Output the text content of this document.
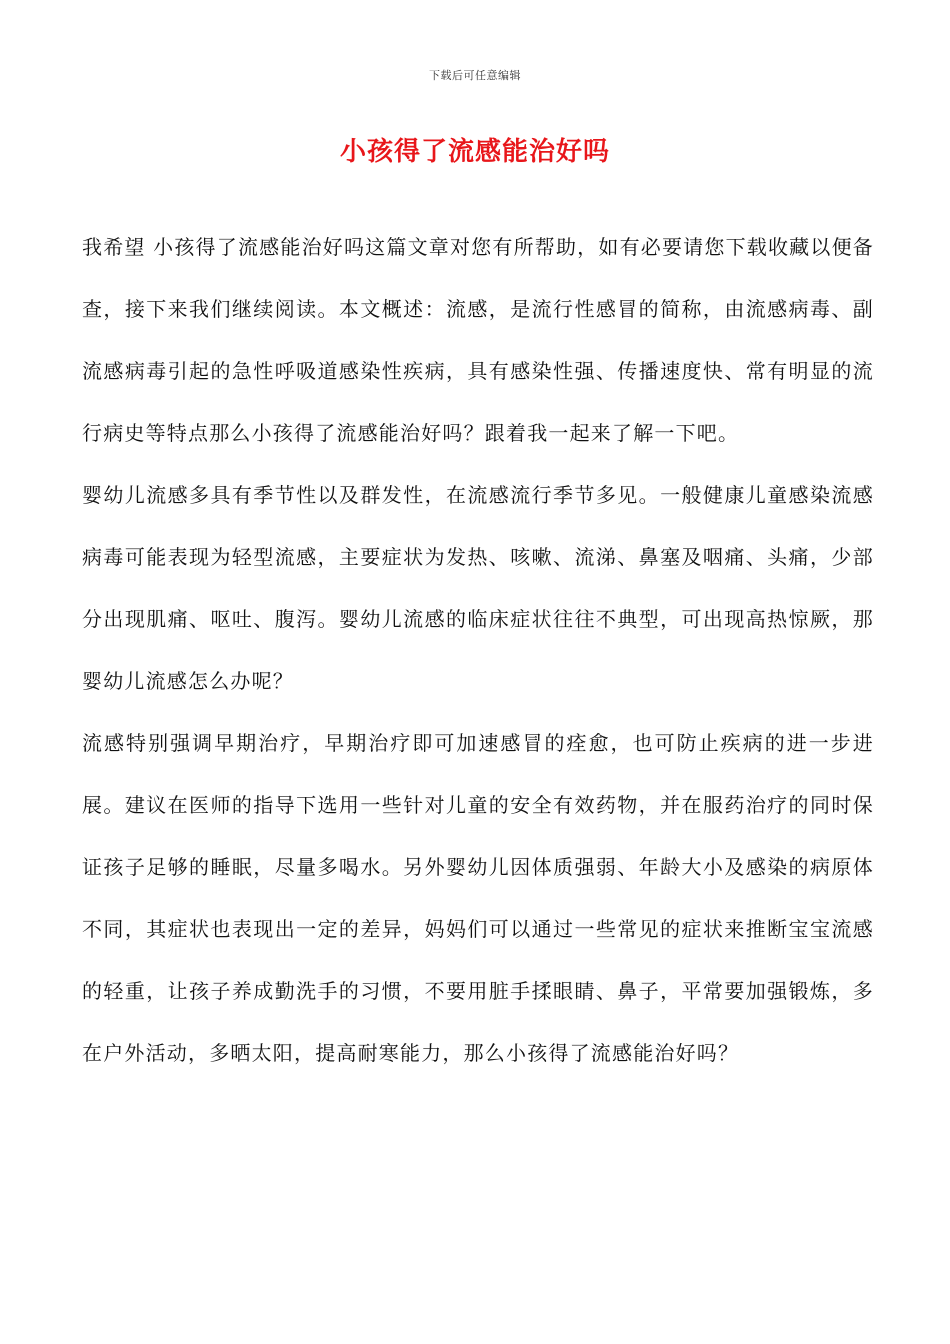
下载后可任意编辑
小孩得了流感能治好吗

我希望 小孩得了流感能治好吗这篇文章对您有所帮助，如有必要请您下载收藏以便备查，接下来我们继续阅读。本文概述：流感，是流行性感冒的简称，由流感病毒、副流感病毒引起的急性呼吸道感染性疾病，具有感染性强、传播速度快、常有明显的流行病史等特点那么小孩得了流感能治好吗？跟着我一起来了解一下吧。

婴幼儿流感多具有季节性以及群发性，在流感流行季节多见。一般健康儿童感染流感病毒可能表现为轻型流感，主要症状为发热、咳嗽、流涕、鼻塞及咽痛、头痛，少部分出现肌痛、呕吐、腹泻。婴幼儿流感的临床症状往往不典型，可出现高热惊厥，那婴幼儿流感怎么办呢？

流感特别强调早期治疗，早期治疗即可加速感冒的痊愈，也可防止疾病的进一步进展。建议在医师的指导下选用一些针对儿童的安全有效药物，并在服药治疗的同时保证孩子足够的睡眠，尽量多喝水。另外婴幼儿因体质强弱、年龄大小及感染的病原体不同，其症状也表现出一定的差异，妈妈们可以通过一些常见的症状来推断宝宝流感的轻重，让孩子养成勤洗手的习惯，不要用脏手揉眼睛、鼻子，平常要加强锻炼，多在户外活动，多晒太阳，提高耐寒能力，那么小孩得了流感能治好吗？
